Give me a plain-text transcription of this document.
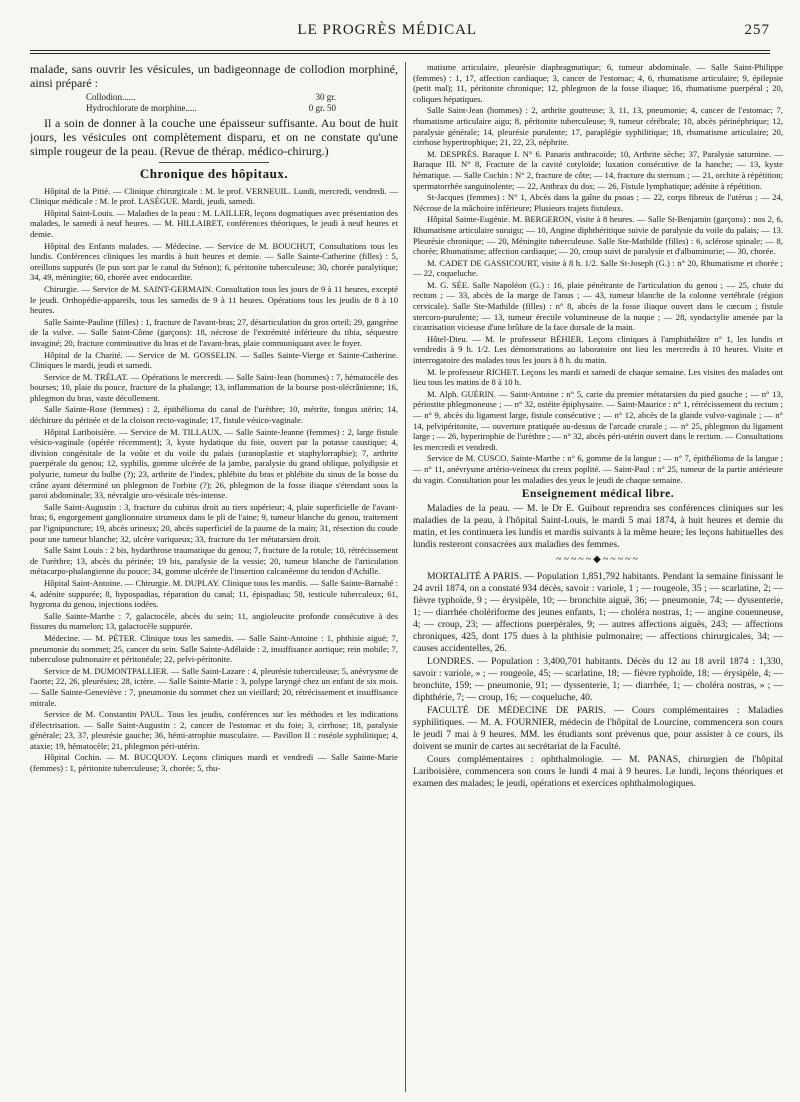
LE PROGRÈS MÉDICAL	257

malade, sans ouvrir les vésicules, un badigeonnage de collodion morphiné, ainsi préparé :

Collodion......	30 gr.
Hydrochlorate de morphine.....	0 gr. 50

Il a soin de donner à la couche une épaisseur suffisante. Au bout de huit jours, les vésicules ont complètement disparu, et on ne constate qu'une simple rougeur de la peau. (Revue de thérap. médico-chirurg.)

Chronique des hôpitaux.

Hôpital de la Pitié. — Clinique chirurgicale : M. le prof. VERNEUIL. Lundi, mercredi, vendredi. — Clinique médicale : M. le prof. LASÈGUE. Mardi, jeudi, samedi.

Hôpital Saint-Louis. — Maladies de la peau : M. LAILLER, leçons dogmatiques avec présentation des malades, le samedi à neuf heures. — M. HILLAIRET, conférences théoriques, le jeudi à neuf heures et demie.

Hôpital des Enfants malades. — Médecine. — Service de M. BOUCHUT, Consultations tous les lundis. Conférences cliniques les mardis à huit heures et demie. — Salle Sainte-Catherine (filles) : 5, oreillons suppurés (le pus sort par le canal du Sténon); 6, péritonite tuberculeuse; 30, chorée paralytique; 34, 49, méningite; 60, chorée avec endocardite.

Chirurgie. — Service de M. SAINT-GERMAIN. Consultation tous les jours de 9 à 11 heures, excepté le jeudi. Orthopédie-appareils, tous les samedis de 9 à 11 heures. Opérations tous les jeudis de 8 à 10 heures.

Salle Sainte-Pauline (filles) : 1, fracture de l'avant-bras; 27, désarticulation du gros orteil; 29, gangrène de la vulve. — Salle Saint-Côme (garçons): 18, nécrose de l'extrémité inférieure du tibia, séquestre invaginé; 20, fracture comminutive du bras et de l'avant-bras, plaie communiquant avec le foyer.

Hôpital de la Charité. — Service de M. GOSSELIN. — Salles Sainte-Vierge et Sainte-Catherine. Cliniques le mardi, jeudi et samedi.

Service de M. TRÉLAT. — Opérations le mercredi. — Salle Saint-Jean (hommes) : 7, hématocèle des bourses; 10, plaie du pouce, fracture de la phalange; 13, inflammation de la bourse post-olécrânienne; 16, phlegmon du bras, vaste décollement.

Salle Sainte-Rose (femmes) : 2, épithélioma du canal de l'urèthre; 10, métrite, fongus utérin; 14, déchirure du périnée et de la cloison recto-vaginale; 17, fistule vésico-vaginale.

Hôpital Lariboisière. — Service de M. TILLAUX. — Salle Sainte-Jeanne (femmes) : 2, large fistule vésico-vaginale (opérée récemment); 3, kyste hydatique du foie, ouvert par la potasse caustique; 4, division congénitale de la voûte et du voile du palais (uranoplastie et staphylorraphie); 7, arthrite puerpérale du genou; 12, syphilis, gomme ulcérée de la jambe, paralysie du grand oblique, polydipsie et polyurie, tumeur du bulbe (?); 23, arthrite de l'index, phlébite du bras et phlébite du sinus de la bosse du crâne ayant déterminé un phlegmon de l'orbite (?); 26, phlegmon de la fosse iliaque s'étendant sous la paroi abdominale; 33, névralgie uro-vésicale très-intense.

Salle Saint-Augustin : 3, fracture du cubitus droit au tiers supérieur; 4, plaie superficielle de l'avant-bras; 6, engorgement ganglionnaire strumeux dans le pli de l'aine; 9, tumeur blanche du genou, traitement par l'ignipuncture; 19, abcès urineux; 20, abcès superficiel de la paume de la main; 31, résection du coude pour une tumeur blanche; 32, ulcère variqueux; 33, fracture du 1er métatarsien droit.

Salle Saint Louis : 2 bis, hydarthrose traumatique du genou; 7, fracture de la rotule; 10, rétrécissement de l'urèthre; 13, abcès du périnée; 19 bis, paralysie de la vessie; 20, tumeur blanche de l'articulation métacarpo-phalangienne du pouce; 34, gomme ulcérée de l'insertion calcanéenne du tendon d'Achille.

Hôpital Saint-Antoine. — Chirurgie. M. DUPLAY. Clinique tous les mardis. — Salle Sainte-Barnabé : 4, adénite suppurée; 8, hypospadias, réparation du canal; 11, épispadias; 58, testicule tuberculeux; 61, hygroma du genou, injections iodées.

Salle Sainte-Marthe : 7, galactocèle, abcès du sein; 11, angioleucite profonde consécutive à des fissures du mamelon; 13, galactocèle suppurée.

Médecine. — M. PÉTER. Clinique tous les samedis. — Salle Saint-Antoine : 1, phthisie aiguë; 7, pneumonie du sommet; 25, cancer du sein. Salle Sainte-Adélaïde : 2, insuffisance aortique; rein mobile; 7, tuberculose pulmonaire et péritonéale; 22, pelvi-péritonite.

Service de M. DUMONTPALLIER. — Salle Saint-Lazare : 4, pleurésie tuberculeuse; 5, anévrysme de l'aorte; 22, 26, pleurésies; 28, ictère. — Salle Sainte-Marie : 3, polype laryngé chez un enfant de six mois. — Salle Sainte-Geneviève : 7, pneumonie du sommet chez un vieillard; 20, rétrécissement et insuffisance mitrale.

Service de M. Constantin PAUL. Tous les jeudis, conférences sur les méthodes et les indications d'électrisation. — Salle Saint-Augustin : 2, cancer de l'estomac et du foie; 3, cirrhose; 18, paralysie générale; 23, 37, pleurésie gauche; 36, hémi-atrophie musculaire. — Pavillon II : roséole syphilitique; 4, ataxie; 19, hématocèle; 21, phlegmon péri-utérin.

Hôpital Cochin. — M. BUCQUOY. Leçons cliniques mardi et vendredi — Salle Sainte-Marie (femmes) : 1, péritonite tuberculeuse; 3, chorée; 5, rhu-

matisme articulaire, pleurésie diaphragmatique; 6, tumeur abdominale. — Salle Saint-Philippe (femmes) : 1, 17, affection cardiaque; 3, cancer de l'estomac; 4, 6, rhumatisme articulaire; 9, épilepsie (petit mal); 11, péritonite chronique; 12, phlegmon de la fosse iliaque; 16, rhumatisme puerpéral ; 20, coliques hépatiques.

Salle Saint-Jean (hommes) : 2, arthrite goutteuse; 3, 11, 13, pneumonie; 4, cancer de l'estomac; 7, rhumatisme articulaire aigu; 8, péritonite tuberculeuse; 9, tumeur cérébrale; 10, abcès périnéphrique; 12, paralysie générale; 14, pleurésie purulente; 17, paraplégie syphilitique; 18, rhumatisme articulaire; 20, cirrhose hypertrophique; 21, 22, 23, néphrite.

M. DESPRÈS. Baraque I. N° 6. Panaris anthracoïde; 10, Arthrite sèche; 37, Paralysie saturnine. — Baraque III. N° 8, Fracture de la cavité cotyloïde; luxation consécutive de la hanche; — 13, kyste hématique. — Salle Cochin : N° 2, fracture de côte; — 14, fracture du sternum ; — 21, orchite à répétition; spermatorrhée sanguinolente; — 22, Anthrax du dos; — 26, Fistule lymphatique; adénite à répétition.

St-Jacques (femmes) : N° 1, Abcès dans la gaîne du psoas ; — 22, corps fibreux de l'utérus ; — 24, Nécrose de la mâchoire inférieure; Plusieurs trajets fistuleux.

Hôpital Sainte-Eugénie. M. BERGERON, visite à 8 heures. — Salle St-Benjamin (garçons) : nos 2, 6, Rhumatisme articulaire suraigu; — 10, Angine diphthéritique suivie de paralysie du voile du palais; — 13. Pleurésie chronique; — 20, Méningite tuberculeuse. Salle Ste-Mathilde (filles) : 6, sclérose spinale; — 8, chorée; Rhumatisme; affection cardiaque; — 20, croup suivi de paralysie et d'albuminurie; — 30, chorée.

M. CADET DE GASSICOURT, visite à 8 h. 1/2. Salle St-Joseph (G.) : n° 20, Rhumatisme et chorée ; — 22, coqueluche.

M. G. SÉE. Salle Napoléon (G.) : 16, plaie pénétrante de l'articulation du genou ; — 25, chute du rectum ; — 33, abcès de la marge de l'anus ; — 43, tumeur blanche de la colonne vertébrale (région cervicale). Salle Ste-Mathilde (filles) : n° 8, abcès de la fosse iliaque ouvert dans le cœcum ; fistule stercoro-purulente; — 13, tumeur érectile volumineuse de la nuque ; — 28, syndactylie amenée par la cicatrisation vicieuse d'une brûlure de la face dorsale de la main.

Hôtel-Dieu. — M. le professeur BÉHIER. Leçons cliniques à l'amphithéâtre n° 1, les lundis et vendredis à 9 h. 1/2. Les démonstrations au laboratoire ont lieu les mercredis à 10 heures. Visite et interrogatoire des malades tous les jours à 8 h. du matin.

M. le professeur RICHET. Leçons les mardi et samedi de chaque semaine. Les visites des malades ont lieu tous les matins de 8 à 10 h.

M. Alph. GUÉRIN. — Saint-Antoine : n° 5, carie du premier métatarsien du pied gauche ; — n° 13, périostite phlegmoneuse ; — n° 32, ostéite épiphysaire. — Saint-Maurice : n° 1, rétrécissement du rectum ; — n° 9, abcès du ligament large, fistule consécutive ; — n° 12, abcès de la glande vulvo-vaginale ; — n° 14, pelvipéritonite, — ouverture pratiquée au-dessus de l'arcade crurale ; — n° 25, phlegmon du ligament large ; — 26, hyperirophie de l'urèthre ; — n° 32, abcès péri-utérin ouvert dans le rectum. — Consultations les mercredi et vendredi.

Service de M. CUSCO. Sainte-Marthe : n° 6, gomme de la langue ; — n° 7, épithélioma de la langue ; — n° 11, anévrysme artério-veineux du creux poplité. — Saint-Paul : n° 25, tumeur de la partie antérieure du vagin. Consultation pour les maladies des yeux le jeudi de chaque semaine.

Enseignement médical libre.

Maladies de la peau. — M. le Dr E. Guibout reprendra ses conférences cliniques sur les maladies de la peau, à l'hôpital Saint-Louis, le mardi 5 mai 1874, à huit heures et demie du matin, et les continuera les lundis et mardis suivants à la même heure; les leçons habituelles des lundis resteront consacrées aux maladies des femmes.

~~~~~◆~~~~~

MORTALITÉ A PARIS. — Population 1,851,792 habitants. Pendant la semaine finissant le 24 avril 1874, on a constaté 934 décès, savoir : variole, 1 ; — rougeole, 35 ; — scarlatine, 2; — fièvre typhoïde, 9 ; — érysipèle, 10; — bronchite aiguë, 36; — pneumonie, 74; — dyssenterie, 1; — diarrhée cholériforme des jeunes enfants, 1; — choléra nostras, 1; — angine couenneuse, 4; — croup, 23; — affections puerpérales, 9; — autres affections aiguës, 243; — affections chroniques, 425, dont 175 dues à la phthisie pulmonaire; — affections chirurgicales, 34; — causes accidentelles, 26.

LONDRES. — Population : 3,400,701 habitants. Décès du 12 au 18 avril 1874 : 1,330, savoir : variole, » ; — rougeole, 45; — scarlatine, 18; — fièvre typhoïde, 18; — érysipèle, 4; — bronchite, 159; — pneumonie, 91; — dyssenterie, 1; — diarrhée, 1; — choléra nostras, » ; — diphthérie, 7; — croup, 16; — coqueluche, 40.

FACULTÉ DE MÉDECINE DE PARIS. — Cours complémentaires : Maladies syphilitiques. — M. A. FOURNIER, médecin de l'hôpital de Lourcine, commencera son cours le jeudi 7 mai à 9 heures. MM. les étudiants sont prévenus que, pour assister à ce cours, ils doivent se munir de cartes au secrétariat de la Faculté.

Cours complémentaires : ophthalmologie. — M. PANAS, chirurgien de l'hôpital Lariboisière, commencera son cours le lundi 4 mai à 9 heures. Le lundi, leçons théoriques et examen des malades; le jeudi, opérations et exercices ophthalmologiques.
